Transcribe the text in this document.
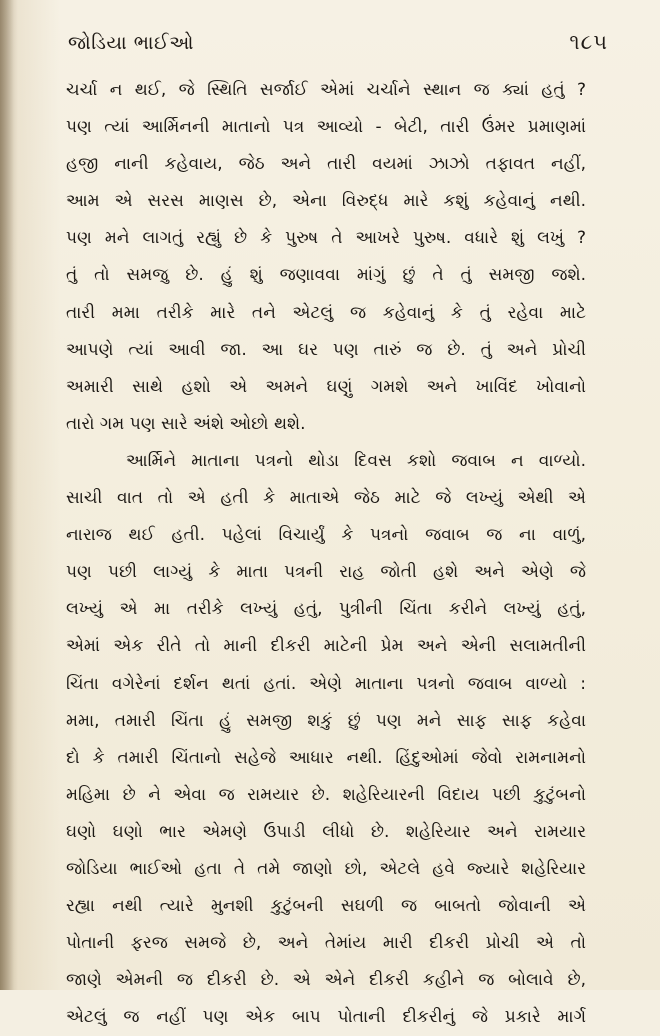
જોડિયા ભાઈઓ	૧૮૫
ચર્ચા ન થઈ, જે સ્થિતિ સર્જાઈ એમાં ચર્ચાને સ્થાન જ ક્યાં હતું ?
પણ ત્યાં આર્મિનની માતાનો પત્ર આવ્યો - બેટી, તારી ઉંમર પ્રમાણમાં
હજી નાની કહેવાય, જેઠ અને તારી વયમાં ઝાઝો તફાવત નહીં,
આમ એ સરસ માણસ છે, એના વિરુદ્ધ મારે કશું કહેવાનું નથી.
પણ મને લાગતું રહ્યું છે કે પુરુષ તે આખરે પુરુષ. વધારે શું લખું ?
તું તો સમજુ છે. હું શું જણાવવા માંગું છું તે તું સમજી જશે.
તારી મમા તરીકે મારે તને એટલું જ કહેવાનું કે તું રહેવા માટે
આપણે ત્યાં આવી જા. આ ઘર પણ તારું જ છે. તું અને પ્રોચી
અમારી સાથે હશો એ અમને ઘણું ગમશે અને ખાવિંદ ખોવાનો
તારો ગમ પણ સારે અંશે ઓછો થશે.
આર્મિને માતાના પત્રનો થોડા દિવસ કશો જવાબ ન વાળ્યો.
સાચી વાત તો એ હતી કે માતાએ જેઠ માટે જે લખ્યું એથી એ
નારાજ થઈ હતી. પહેલાં વિચાર્યું કે પત્રનો જવાબ જ ના વાળું,
પણ પછી લાગ્યું કે માતા પત્રની રાહ જોતી હશે અને એણે જે
લખ્યું એ મા તરીકે લખ્યું હતું, પુત્રીની ચિંતા કરીને લખ્યું હતું,
એમાં એક રીતે તો માની દીકરી માટેની પ્રેમ અને એની સલામતીની
ચિંતા વગેરેનાં દર્શન થતાં હતાં. એણે માતાના પત્રનો જવાબ વાળ્યો :
મમા, તમારી ચિંતા હું સમજી શકું છું પણ મને સાફ સાફ કહેવા
દો કે તમારી ચિંતાનો સહેજે આધાર નથી. હિંદુઓમાં જેવો રામનામનો
મહિમા છે ને એવા જ રામયાર છે. શહેરિયારની વિદાય પછી કુટુંબનો
ઘણો ઘણો ભાર એમણે ઉપાડી લીધો છે. શહેરિયાર અને રામયાર
જોડિયા ભાઈઓ હતા તે તમે જાણો છો, એટલે હવે જ્યારે શહેરિયાર
રહ્યા નથી ત્યારે મુનશી કુટુંબની સઘળી જ બાબતો જોવાની એ
પોતાની ફરજ સમજે છે, અને તેમાંય મારી દીકરી પ્રોચી એ તો
જાણે એમની જ દીકરી છે. એ એને દીકરી કહીને જ બોલાવે છે,
એટલું જ નહીં પણ એક બાપ પોતાની દીકરીનું જે પ્રકારે માર્ગ
